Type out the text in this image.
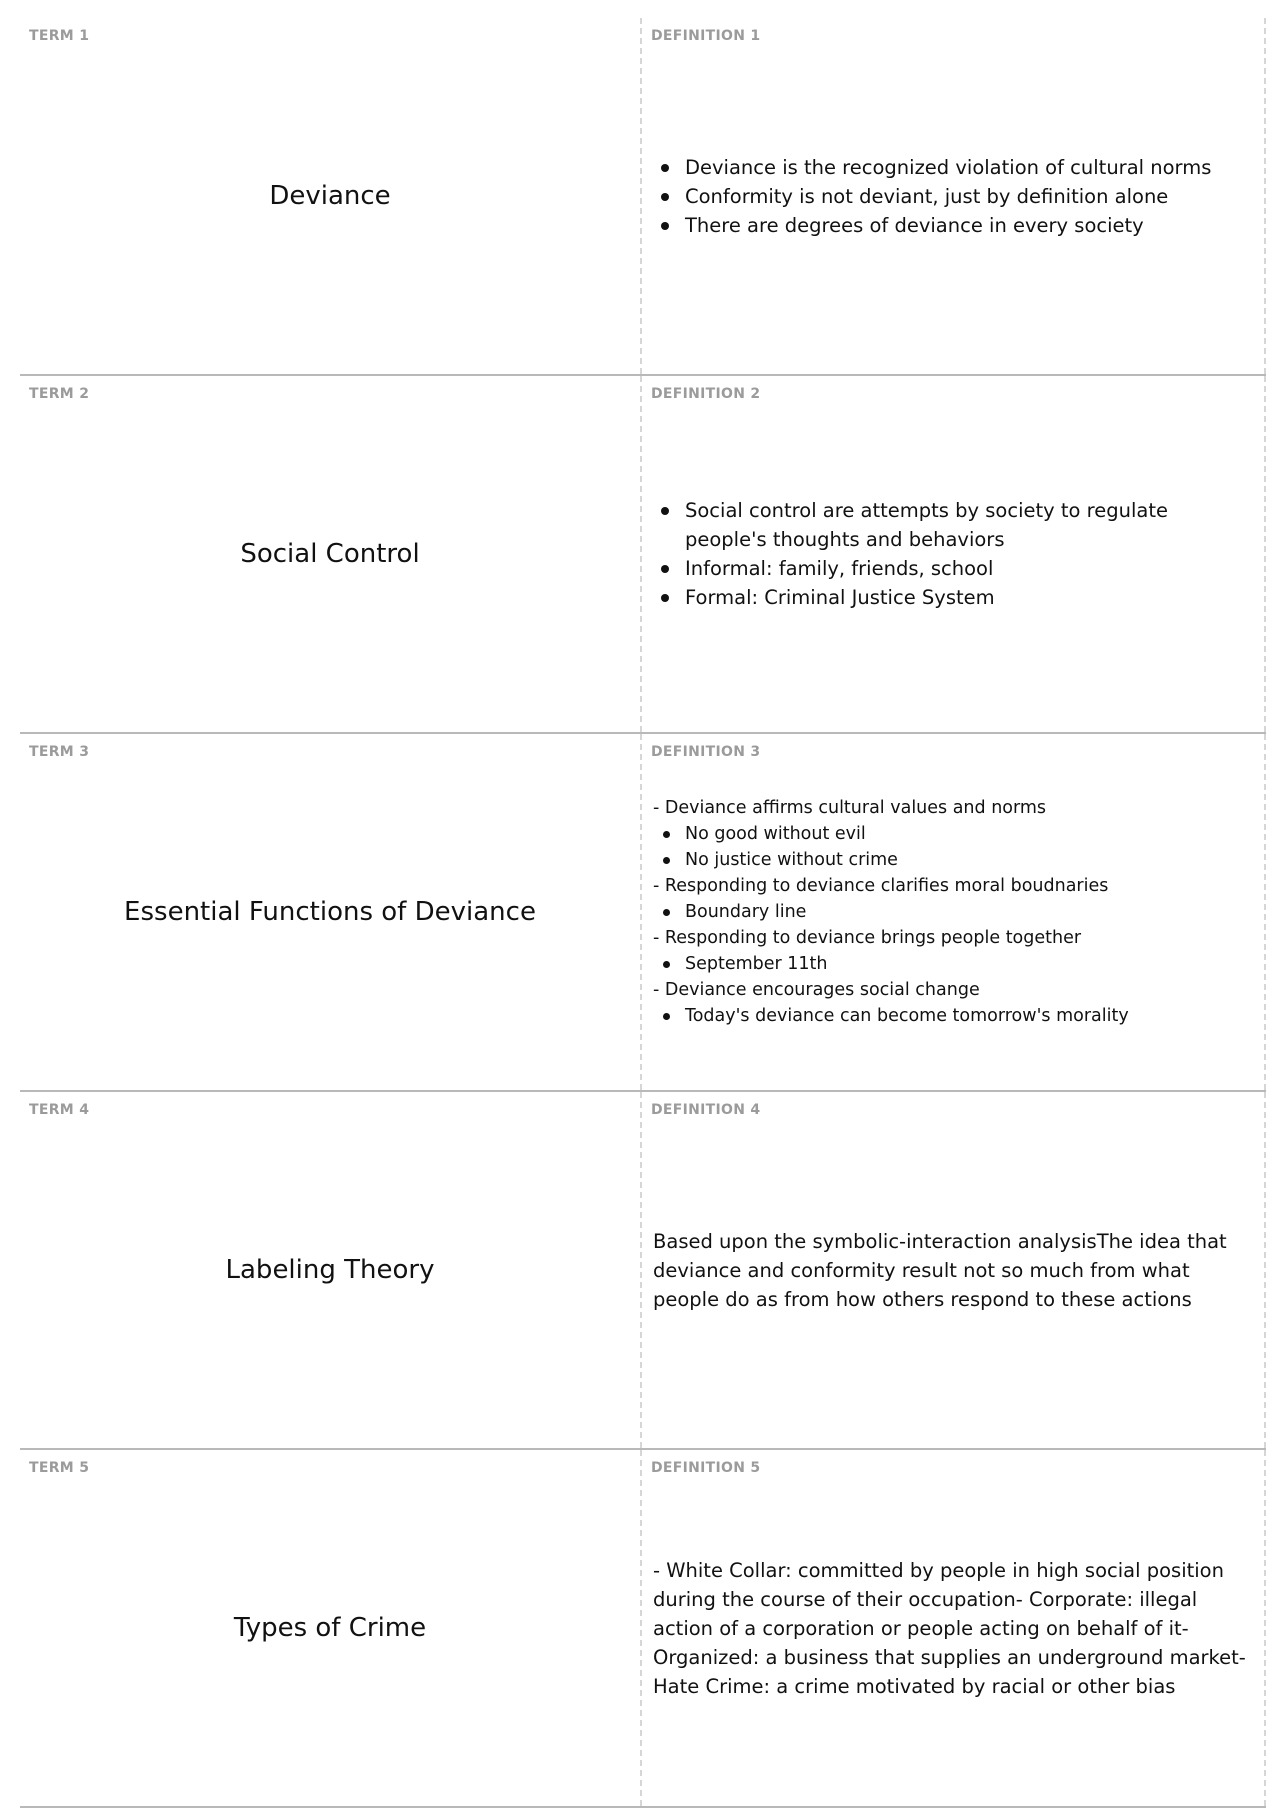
TERM 1
Deviance
DEFINITION 1
Deviance is the recognized violation of cultural norms
Conformity is not deviant, just by definition alone
There are degrees of deviance in every society
TERM 2
Social Control
DEFINITION 2
Social control are attempts by society to regulate people's thoughts and behaviors
Informal: family, friends, school
Formal: Criminal Justice System
TERM 3
Essential Functions of Deviance
DEFINITION 3
- Deviance affirms cultural values and norms
No good without evil
No justice without crime
- Responding to deviance clarifies moral boudnaries
Boundary line
- Responding to deviance brings people together
September 11th
- Deviance encourages social change
Today's deviance can become tomorrow's morality
TERM 4
Labeling Theory
DEFINITION 4
Based upon the symbolic-interaction analysisThe idea that deviance and conformity result not so much from what people do as from how others respond to these actions
TERM 5
Types of Crime
DEFINITION 5
- White Collar: committed by people in high social position during the course of their occupation- Corporate: illegal action of a corporation or people acting on behalf of it- Organized: a business that supplies an underground market- Hate Crime: a crime motivated by racial or other bias
